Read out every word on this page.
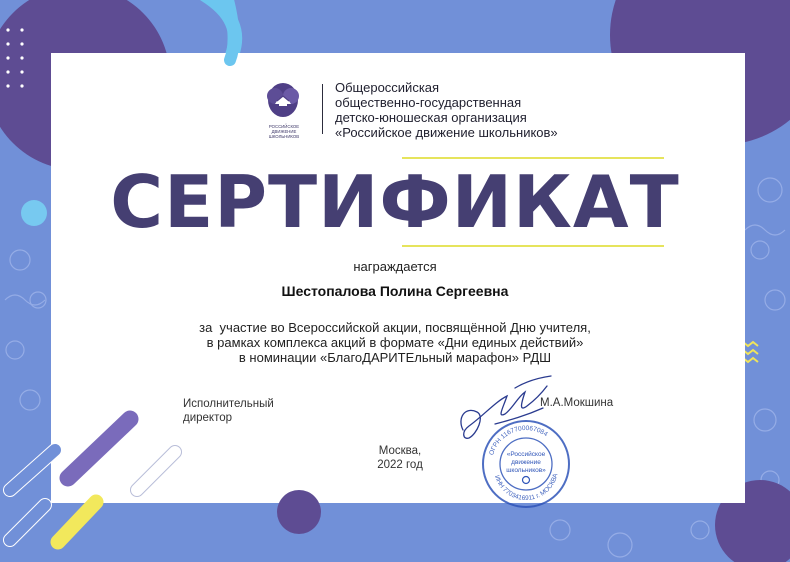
РОССИЙСКОЕ
ДВИЖЕНИЕ ШКОЛЬНИКОВ
Общероссийская
общественно-государственная
детско-юношеская организация
«Российское движение школьников»
СЕРТИФИКАТ
награждается
Шестопалова Полина Сергеевна
за  участие во Всероссийской акции, посвящённой Дню учителя,
в рамках комплекса акций в формате «Дни единых действий»
в номинации «БлагоДАРИТЕльный марафон» РДШ
Исполнительный
директор
М.А.Мокшина
Москва,
2022 год
ОГРН 1167700067084
ИНН 7703416911 г. МОСКВА
«Российское
движение
школьников»
